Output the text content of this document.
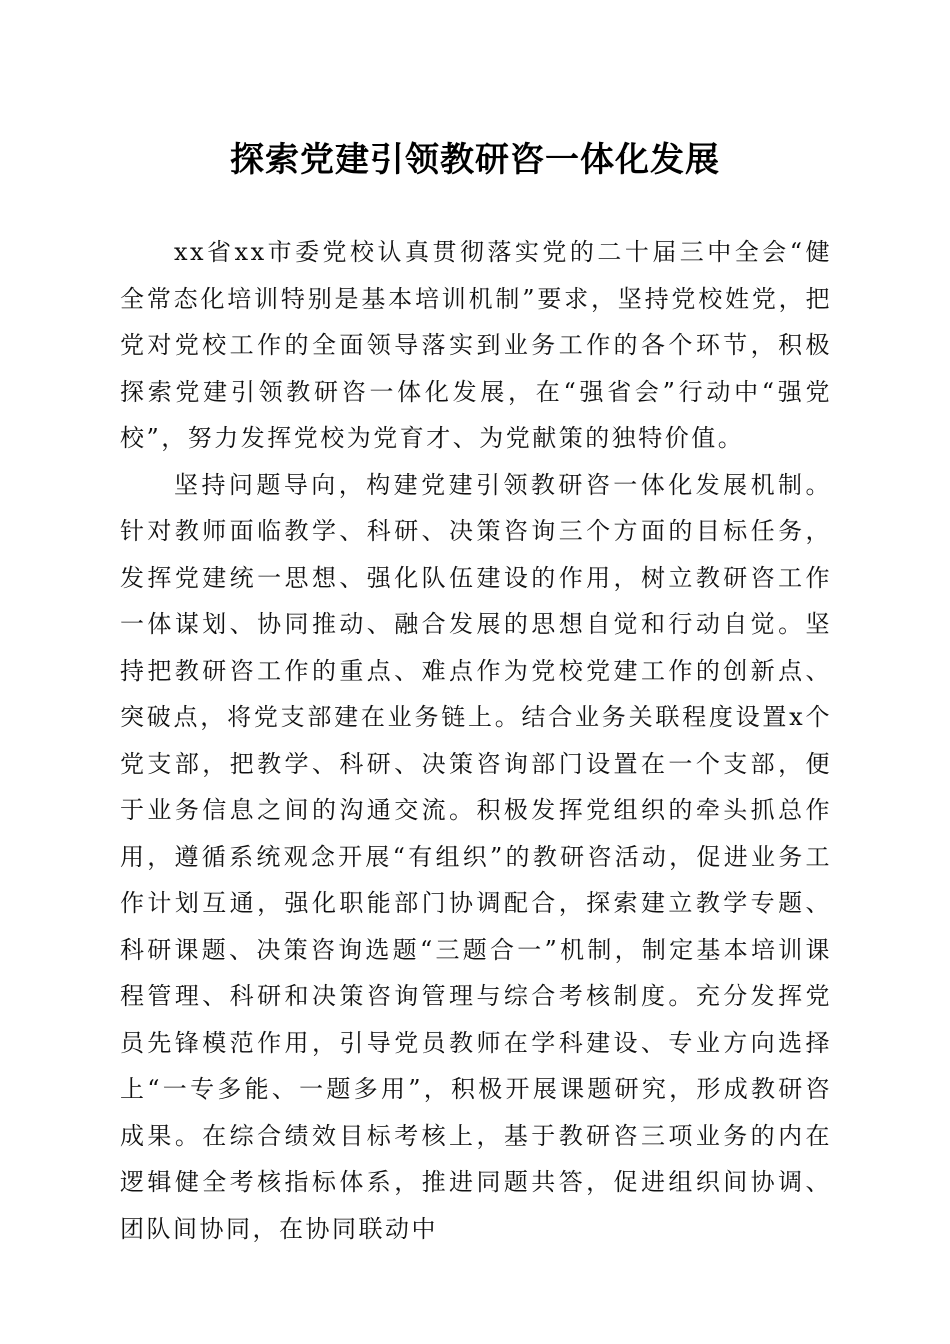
探索党建引领教研咨一体化发展

xx省xx市委党校认真贯彻落实党的二十届三中全会“健全常态化培训特别是基本培训机制”要求，坚持党校姓党，把党对党校工作的全面领导落实到业务工作的各个环节，积极探索党建引领教研咨一体化发展，在“强省会”行动中“强党校”，努力发挥党校为党育才、为党献策的独特价值。

坚持问题导向，构建党建引领教研咨一体化发展机制。针对教师面临教学、科研、决策咨询三个方面的目标任务，发挥党建统一思想、强化队伍建设的作用，树立教研咨工作一体谋划、协同推动、融合发展的思想自觉和行动自觉。坚持把教研咨工作的重点、难点作为党校党建工作的创新点、突破点，将党支部建在业务链上。结合业务关联程度设置x个党支部，把教学、科研、决策咨询部门设置在一个支部，便于业务信息之间的沟通交流。积极发挥党组织的牵头抓总作用，遵循系统观念开展“有组织”的教研咨活动，促进业务工作计划互通，强化职能部门协调配合，探索建立教学专题、科研课题、决策咨询选题“三题合一”机制，制定基本培训课程管理、科研和决策咨询管理与综合考核制度。充分发挥党员先锋模范作用，引导党员教师在学科建设、专业方向选择上“一专多能、一题多用”，积极开展课题研究，形成教研咨成果。在综合绩效目标考核上，基于教研咨三项业务的内在逻辑健全考核指标体系，推进同题共答，促进组织间协调、团队间协同，在协同联动中
